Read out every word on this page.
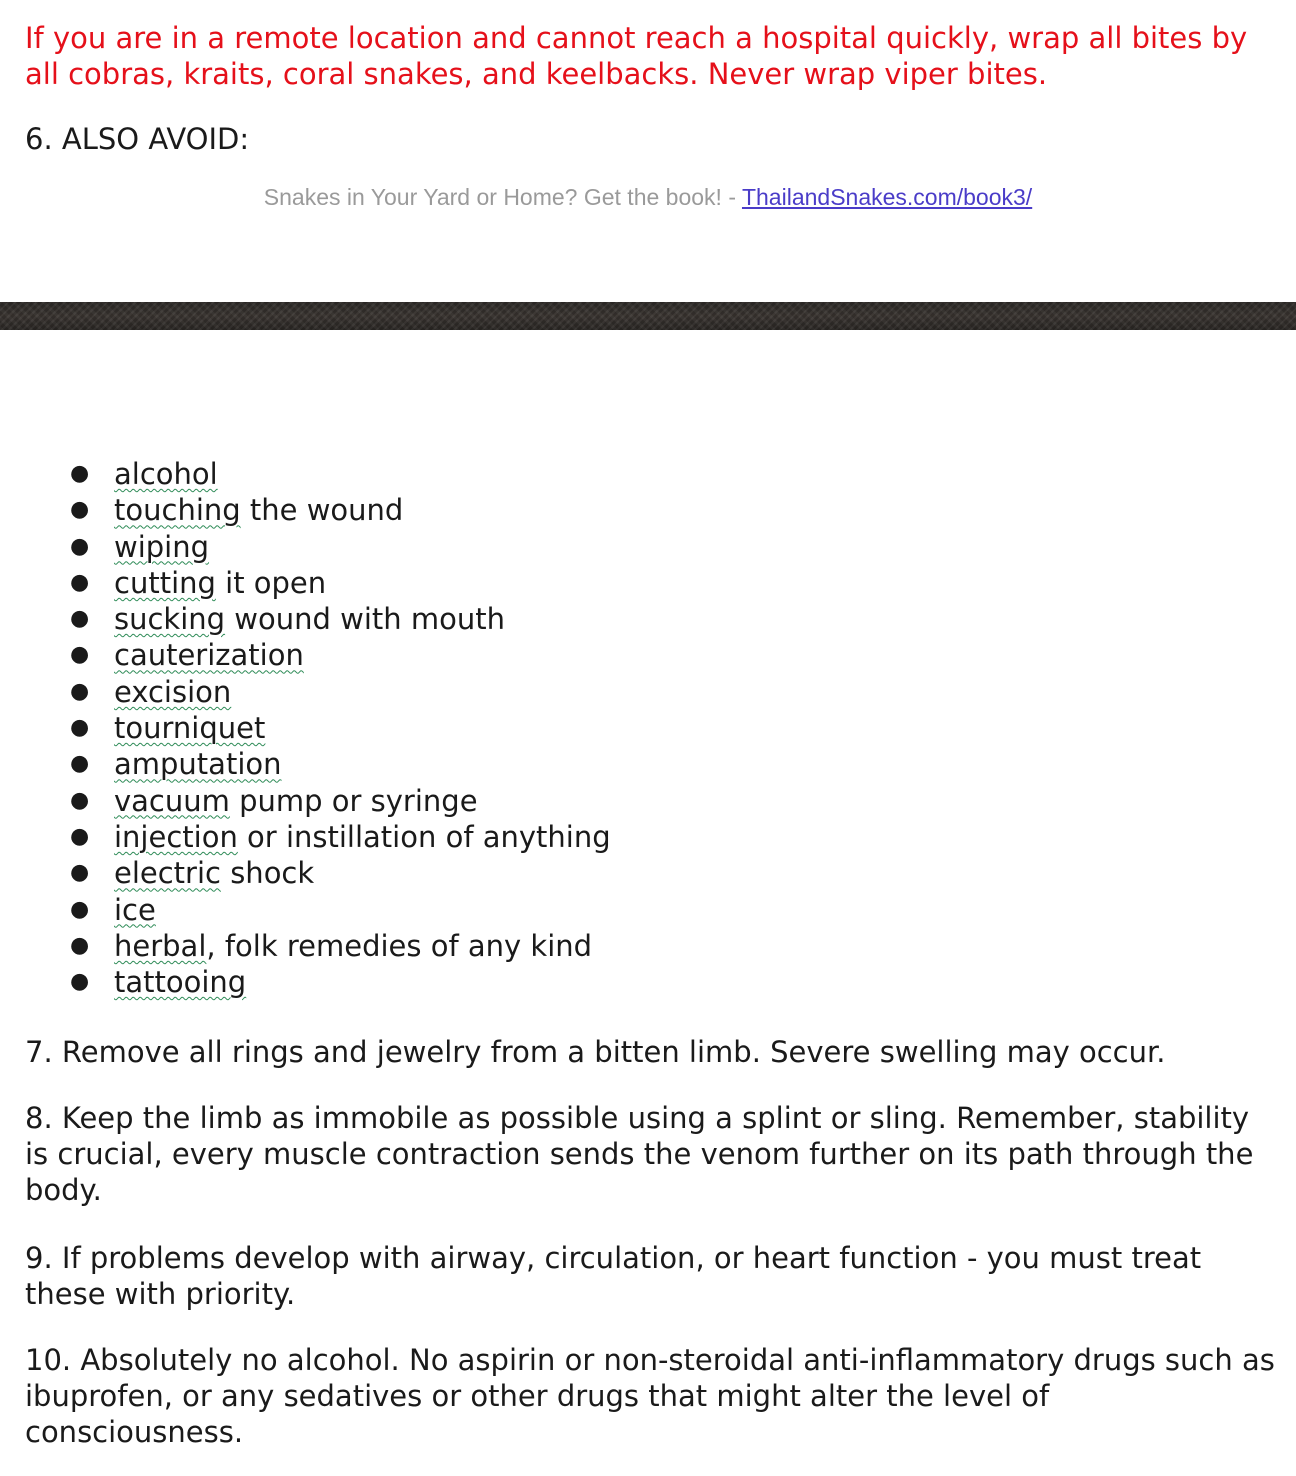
If you are in a remote location and cannot reach a hospital quickly, wrap all bites by all cobras, kraits, coral snakes, and keelbacks. Never wrap viper bites.

6. ALSO AVOID:

Snakes in Your Yard or Home? Get the book! - ThailandSnakes.com/book3/
● alcohol
● touching the wound
● wiping
● cutting it open
● sucking wound with mouth
● cauterization
● excision
● tourniquet
● amputation
● vacuum pump or syringe
● injection or instillation of anything
● electric shock
● ice
● herbal, folk remedies of any kind
● tattooing

7. Remove all rings and jewelry from a bitten limb. Severe swelling may occur.

8. Keep the limb as immobile as possible using a splint or sling. Remember, stability is crucial, every muscle contraction sends the venom further on its path through the body.

9. If problems develop with airway, circulation, or heart function - you must treat these with priority.

10. Absolutely no alcohol. No aspirin or non-steroidal anti-inflammatory drugs such as ibuprofen, or any sedatives or other drugs that might alter the level of consciousness.
